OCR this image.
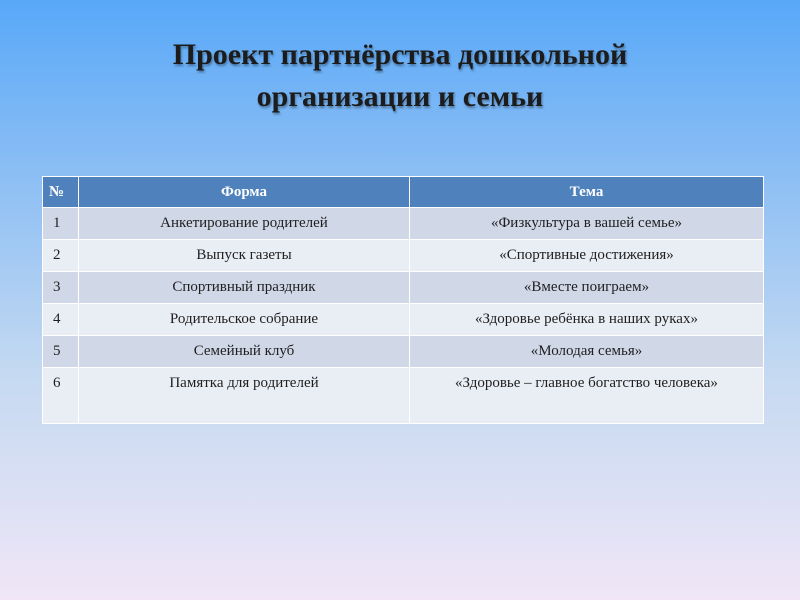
Проект партнёрства дошкольной
организации и семьи
№	Форма	Тема
1	Анкетирование родителей	«Физкультура в вашей семье»
2	Выпуск газеты	«Спортивные достижения»
3	Спортивный праздник	«Вместе поиграем»
4	Родительское собрание	«Здоровье ребёнка в наших руках»
5	Семейный клуб	«Молодая семья»
6	Памятка для родителей	«Здоровье – главное богатство человека»
